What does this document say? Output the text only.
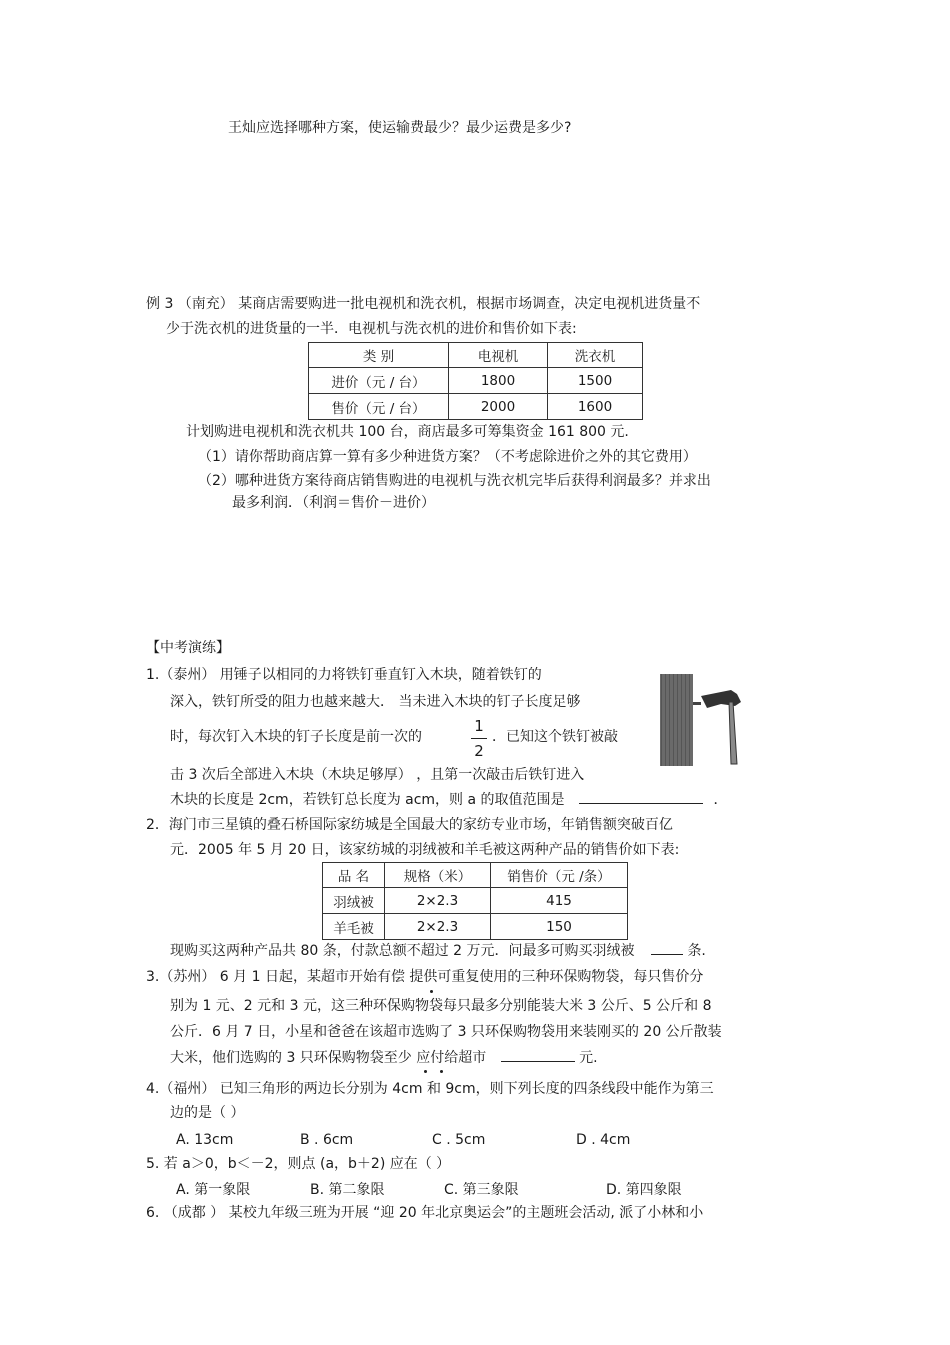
王灿应选择哪种方案，使运输费最少？最少运费是多少?
例 3 （南充） 某商店需要购进一批电视机和洗衣机，根据市场调查，决定电视机进货量不
少于洗衣机的进货量的一半．电视机与洗衣机的进价和售价如下表:
类 别	电视机	洗衣机
进价（元 / 台）	1800	1500
售价（元 / 台）	2000	1600
计划购进电视机和洗衣机共 100 台，商店最多可筹集资金 161 800 元.
（1）请你帮助商店算一算有多少种进货方案？（不考虑除进价之外的其它费用）
（2）哪种进货方案待商店销售购进的电视机与洗衣机完毕后获得利润最多？并求出
最多利润．（利润＝售价－进价）
【中考演练】
1.（泰州） 用锤子以相同的力将铁钉垂直钉入木块，随着铁钉的
深入，铁钉所受的阻力也越来越大． 当未进入木块的钉子长度足够
时，每次钉入木块的钉子长度是前一次的
1
2
．已知这个铁钉被敲
击 3 次后全部进入木块（木块足够厚） ，且第一次敲击后铁钉进入
木块的长度是 2cm，若铁钉总长度为 acm，则 a 的取值范围是	．
2．海门市三星镇的叠石桥国际家纺城是全国最大的家纺专业市场，年销售额突破百亿
元．2005 年 5 月 20 日，该家纺城的羽绒被和羊毛被这两种产品的销售价如下表:
品 名	规格（米）	销售价（元 /条）
羽绒被	2×2.3	415
羊毛被	2×2.3	150
现购买这两种产品共 80 条，付款总额不超过 2 万元．问最多可购买羽绒被	条.
3.（苏州） 6 月 1 日起，某超市开始有偿 提供可重复使用的三种环保购物袋，每只售价分
别为 1 元、2 元和 3 元，这三种环保购物袋每只最多分别能装大米 3 公斤、5 公斤和 8
公斤．6 月 7 日，小星和爸爸在该超市选购了 3 只环保购物袋用来装刚买的 20 公斤散装
大米，他们选购的 3 只环保购物袋至少 应付给超市	元.
4.（福州） 已知三角形的两边长分别为 4cm 和 9cm，则下列长度的四条线段中能作为第三
边的是（ ）
A. 13cm	B . 6cm	C . 5cm	D . 4cm
5. 若 a＞0，b＜－2，则点 (a，b＋2) 应在（ ）
A. 第一象限	B. 第二象限	C. 第三象限	D. 第四象限
6. （成都 ） 某校九年级三班为开展 “迎 20 年北京奥运会”的主题班会活动, 派了小林和小
